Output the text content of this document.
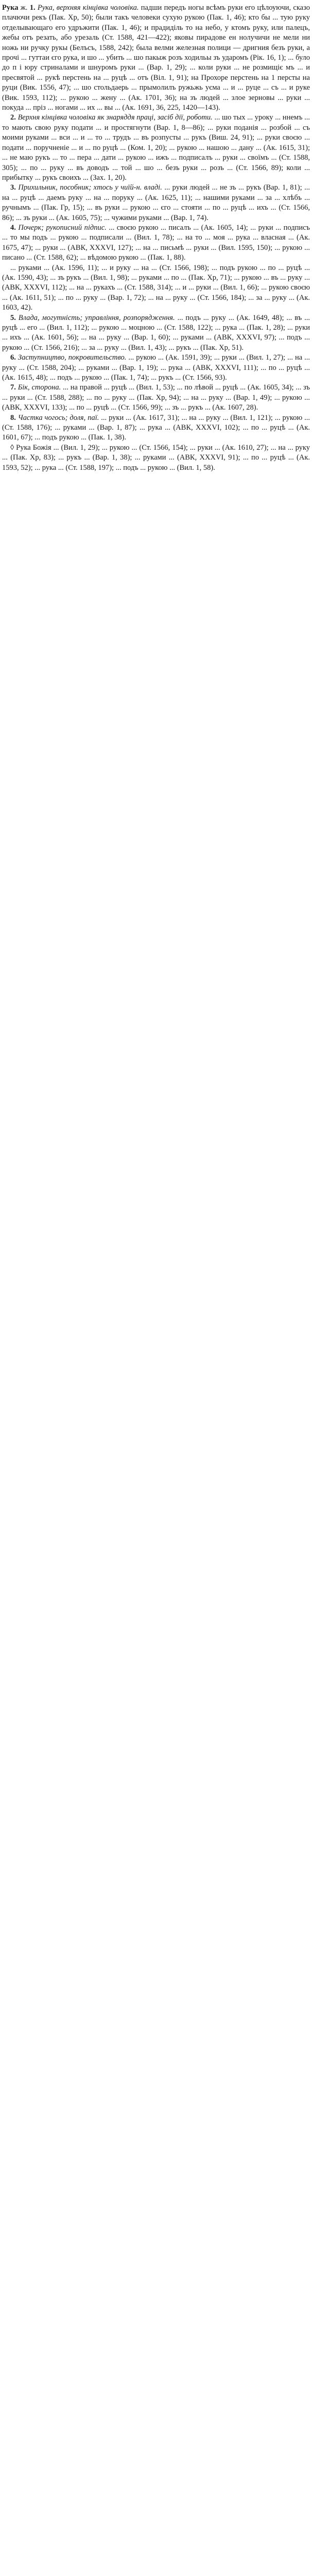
Рука ж. 1. Рука, верхняя кінцівка чоловіка. падши передъ ногы всѣмъ руки его цѣлоуючи, сказо плачючи рекъ (Пак. Хр, 50); были такъ человеки сухую рукою (Пак. 1, 46); кто бы ... тую руку отделывающаго его удръжити (Пак. 1, 46); и прадиділь то на небо, у ктомъ руку, или палецъ, жебы отъ резать, або урезаль (Ст. 1588, 421—422); яковы пирадове ен нолучичи не мели ни ножь ни ручку рукы (Белъсъ, 1588, 242); была велми железная полици — дригния безъ руки, а прочі ... гуттаи єго рука, и шо ... убить ... шо пакыж розъ ходильы зъ ударомъ (Рік. 16, 1); ... було до п і юру стриналами и шнуромъ руки ... (Вар. 1, 29); ... коли руки ... не розмищіє мъ ... и пресвятой ... рукѣ перстень на ... руцѣ ... отъ (Віл. 1, 91); на Прохоре перстень на 1 персты на руци (Вик. 1556, 47); ... шо стольдаерь ... прымолилъ ружьжь уєма ... и ... руце ... съ ... и руке (Вик. 1593, 112); ... рукою ... жену ... (Ак. 1701, 36); на зъ людей ... злое зерновы ... руки ... покуда ... пріз ... ногами ... их ... вы ... (Ак. 1691, 36, 225, 1420—143).

2. Верхня кінцівка чоловіка як знаряддя праці, засіб дії, роботи. ... шо тых ... уроку ... ннемъ ... то мають свою руку подати ... и простягнути (Вар. 1, 8—86); ... руки поданія ... розбой ... съ моими руками ... вси ... и ... то ... трудъ ... въ розпусты ... рукъ (Виш. 24, 91); ... руки своєю ... подати ... поручненіе ... и ... по руцѣ ... (Ком. 1, 20); ... рукою ... нашою ... дану ... (Ак. 1615, 31); ... не маю рукъ ... то ... пера ... дати ... рукою ... ижъ ... подписалъ ... руки ... своїмъ ... (Ст. 1588, 305); ... по ... руку ... въ доводъ ... той ... шо ... безъ руки ... розъ ... (Ст. 1566, 89); коли ... прибытку ... рукъ своихъ ... (Зах. 1, 20).

3. Прихильник, пособник; хтось у чиїй-н. владі. ... руки людей ... не зъ ... рукъ (Вар. 1, 81); ... на ... руцѣ ... даемъ руку ... на ... поруку ... (Ак. 1625, 11); ... нашими руками ... за ... хлѣбъ ... ручнымъ ... (Пак. Гр, 15); ... въ руки ... рукою ... єго ... стояти ... по ... руцѣ ... ихъ ... (Ст. 1566, 86); ... зъ руки ... (Ак. 1605, 75); ... чужими руками ... (Вар. 1, 74).

4. Почерк; рукописний підпис. ... своєю рукою ... писалъ ... (Ак. 1605, 14); ... руки ... подписъ ... то мы подъ ... рукою ... подписали ... (Вил. 1, 78); ... на то ... моя ... рука ... власная ... (Ак. 1675, 47); ... руки ... (АВК, XXXVI, 127); ... на ... письмѣ ... руки ... (Вил. 1595, 150); ... рукою ... писано ... (Ст. 1588, 62); ... вѣдомою рукою ... (Пак. 1, 88).

... руками ... (Ак. 1596, 11); ... и руку ... на ... (Ст. 1566, 198); ... подъ рукою ... по ... руцѣ ... (Ак. 1590, 43); ... зъ рукъ ... (Вил. 1, 98); ... руками ... по ... (Пак. Хр, 71); ... рукою ... въ ... руку ... (АВК, XXXVI, 112); ... на ... рукахъ ... (Ст. 1588, 314); ... и ... руки ... (Вил. 1, 66); ... рукою своєю ... (Ак. 1611, 51); ... по ... руку ... (Вар. 1, 72); ... на ... руку ... (Ст. 1566, 184); ... за ... руку ... (Ак. 1603, 42).

5. Влада, могутність; управління, розпорядження. ... подъ ... руку ... (Ак. 1649, 48); ... въ ... руцѣ ... его ... (Вил. 1, 112); ... рукою ... моцною ... (Ст. 1588, 122); ... рука ... (Пак. 1, 28); ... руки ... ихъ ... (Ак. 1601, 56); ... на ... руку ... (Вар. 1, 60); ... руками ... (АВК, XXXVI, 97); ... подъ ... рукою ... (Ст. 1566, 216); ... за ... руку ... (Вил. 1, 43); ... рукъ ... (Пак. Хр, 51).

6. Заступництво, покровительство. ... рукою ... (Ак. 1591, 39); ... руки ... (Вил. 1, 27); ... на ... руку ... (Ст. 1588, 204); ... руками ... (Вар. 1, 19); ... рука ... (АВК, XXXVI, 111); ... по ... руцѣ ... (Ак. 1615, 48); ... подъ ... рукою ... (Пак. 1, 74); ... рукъ ... (Ст. 1566, 93).

7. Бік, сторона. ... на правой ... руцѣ ... (Вил. 1, 53); ... по лѣвой ... руцѣ ... (Ак. 1605, 34); ... зъ ... руки ... (Ст. 1588, 288); ... по ... руку ... (Пак. Хр, 94); ... на ... руку ... (Вар. 1, 49); ... рукою ... (АВК, XXXVI, 133); ... по ... руцѣ ... (Ст. 1566, 99); ... зъ ... рукъ ... (Ак. 1607, 28).

8. Частка чогось; доля, паї. ... руки ... (Ак. 1617, 31); ... на ... руку ... (Вил. 1, 121); ... рукою ... (Ст. 1588, 176); ... руками ... (Вар. 1, 87); ... рука ... (АВК, XXXVI, 102); ... по ... руцѣ ... (Ак. 1601, 67); ... подъ рукою ... (Пак. 1, 38).

◊ Рука Божія ... (Вил. 1, 29); ... рукою ... (Ст. 1566, 154); ... руки ... (Ак. 1610, 27); ... на ... руку ... (Пак. Хр, 83); ... рукъ ... (Вар. 1, 38); ... руками ... (АВК, XXXVI, 91); ... по ... руцѣ ... (Ак. 1593, 52); ... рука ... (Ст. 1588, 197); ... подъ ... рукою ... (Вил. 1, 58).
